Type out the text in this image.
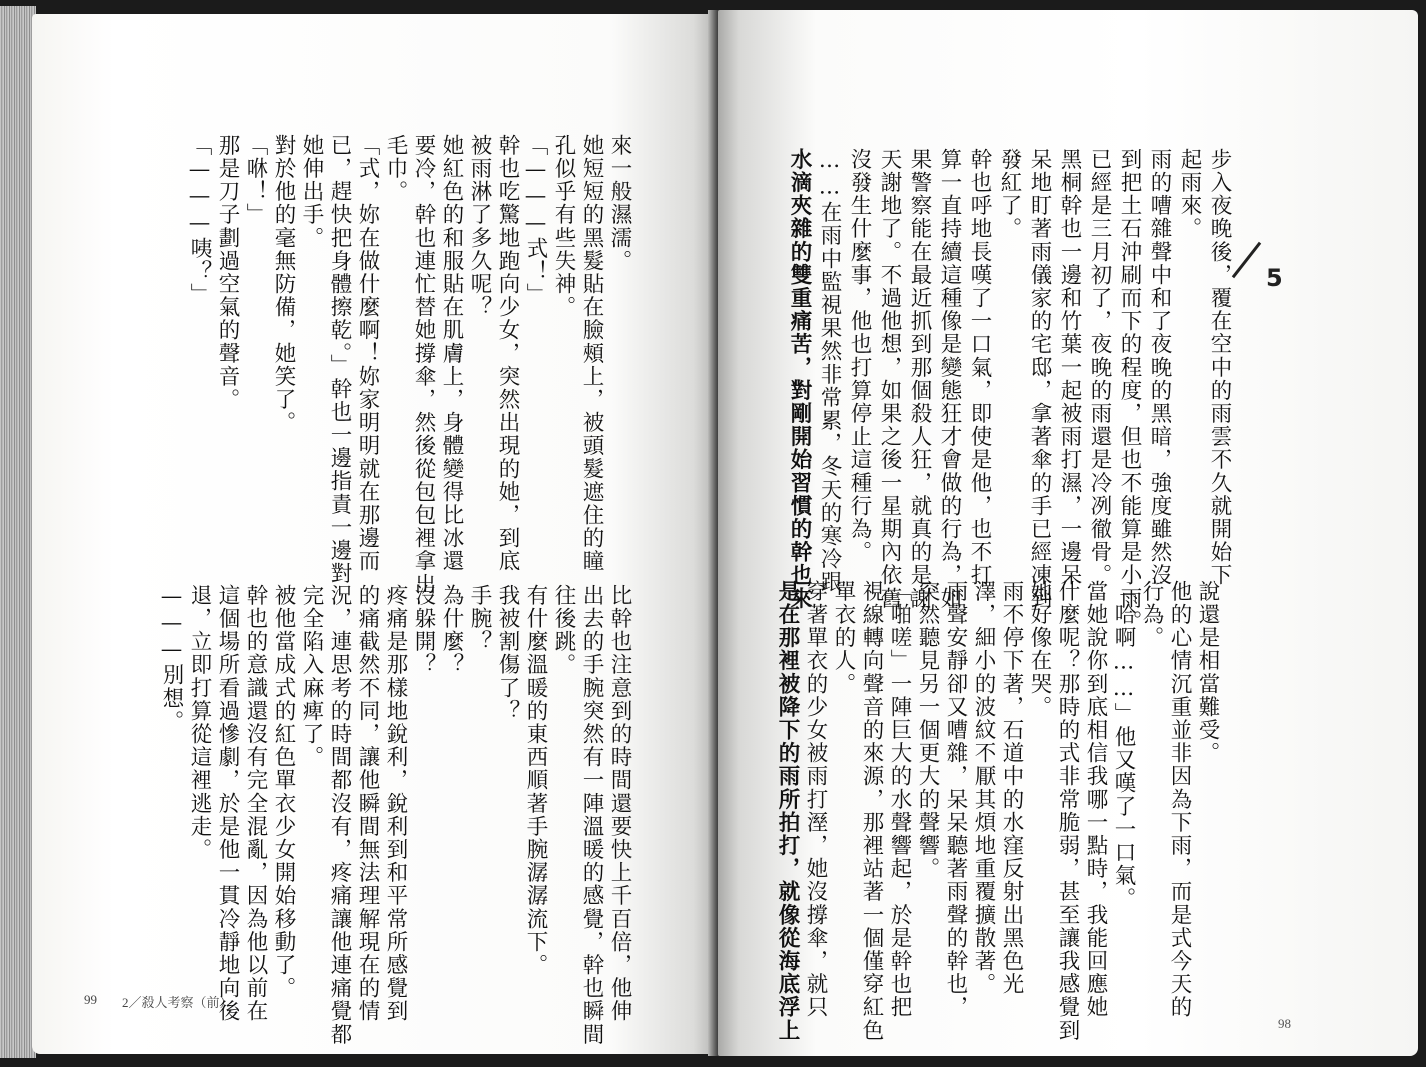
99 2／殺人考察（前）
來一般濕濡。
她短短的黑髮貼在臉頰上，被頭髮遮住的瞳
孔似乎有些失神。
「———式！」
幹也吃驚地跑向少女，突然出現的她，到底
被雨淋了多久呢？
她紅色的和服貼在肌膚上，身體變得比冰還
要冷，幹也連忙替她撐傘，然後從包包裡拿出
毛巾。
「式，妳在做什麼啊！妳家明明就在那邊而
已，趕快把身體擦乾。」幹也一邊指責一邊對
她伸出手。
對於他的毫無防備，她笑了。
「咻！」
那是刀子劃過空氣的聲音。
「———咦？」
比幹也注意到的時間還要快上千百倍，他伸
出去的手腕突然有一陣溫暖的感覺，幹也瞬間
往後跳。
有什麼溫暖的東西順著手腕潺潺流下。
我被割傷了？
手腕？
為什麼？
沒躲開？
疼痛是那樣地銳利，銳利到和平常所感覺到
的痛截然不同，讓他瞬間無法理解現在的情
況，連思考的時間都沒有，疼痛讓他連痛覺都
完全陷入麻痺了。
被他當成式的紅色單衣少女開始移動了。
幹也的意識還沒有完全混亂，因為他以前在
這個場所看過慘劇，於是他一貫冷靜地向後
退，立即打算從這裡逃走。
———別想。
5
98
步入夜晚後，覆在空中的雨雲不久就開始下
起雨來。
雨的嘈雜聲中和了夜晚的黑暗，強度雖然沒
到把土石沖刷而下的程度，但也不能算是小雨。
已經是三月初了，夜晚的雨還是冷冽徹骨。
黑桐幹也一邊和竹葉一起被雨打濕，一邊呆
呆地盯著雨儀家的宅邸，拿著傘的手已經凍到
發紅了。
幹也呼地長嘆了一口氣，即使是他，也不打
算一直持續這種像是變態狂才會做的行為，如
果警察能在最近抓到那個殺人狂，就真的是謝
天謝地了。不過他想，如果之後一星期內依舊
沒發生什麼事，他也打算停止這種行為。
……在雨中監視果然非常累，冬天的寒冷跟
水滴夾雜的雙重痛苦，對剛開始習慣的幹也來
說還是相當難受。
他的心情沉重並非因為下雨，而是式今天的
行為。
「哈啊……」他又嘆了一口氣。
當她說你到底相信我哪一點時，我能回應她
什麼呢？那時的式非常脆弱，甚至讓我感覺到
她好像在哭。
雨不停下著，石道中的水窪反射出黑色光
澤，細小的波紋不厭其煩地重覆擴散著。
雨聲安靜卻又嘈雜，呆呆聽著雨聲的幹也，
突然聽見另一個更大的聲響。
「啪嗟」一陣巨大的水聲響起，於是幹也把
視線轉向聲音的來源，那裡站著一個僅穿紅色
單衣的人。
穿著單衣的少女被雨打溼，她沒撐傘，就只
是在那裡被降下的雨所拍打，就像從海底浮上
